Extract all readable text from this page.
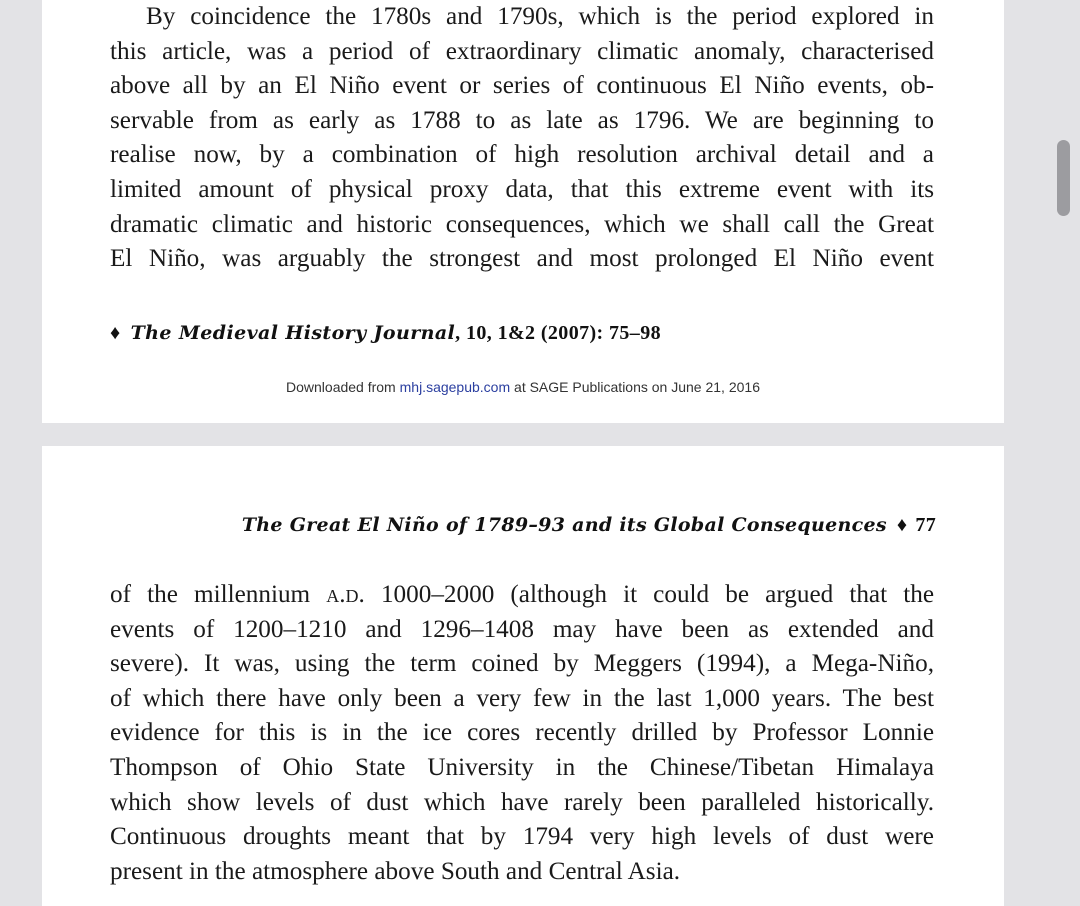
By coincidence the 1780s and 1790s, which is the period explored in
this article, was a period of extraordinary climatic anomaly, characterised
above all by an El Niño event or series of continuous El Niño events, ob-
servable from as early as 1788 to as late as 1796. We are beginning to
realise now, by a combination of high resolution archival detail and a
limited amount of physical proxy data, that this extreme event with its
dramatic climatic and historic consequences, which we shall call the Great
El Niño, was arguably the strongest and most prolonged El Niño event

♦ The Medieval History Journal, 10, 1&2 (2007): 75–98
Downloaded from mhj.sagepub.com at SAGE Publications on June 21, 2016
The Great El Niño of 1789–93 and its Global Consequences ♦ 77

of the millennium a.d. 1000–2000 (although it could be argued that the
events of 1200–1210 and 1296–1408 may have been as extended and
severe). It was, using the term coined by Meggers (1994), a Mega-Niño,
of which there have only been a very few in the last 1,000 years. The best
evidence for this is in the ice cores recently drilled by Professor Lonnie
Thompson of Ohio State University in the Chinese/Tibetan Himalaya
which show levels of dust which have rarely been paralleled historically.
Continuous droughts meant that by 1794 very high levels of dust were
present in the atmosphere above South and Central Asia.
